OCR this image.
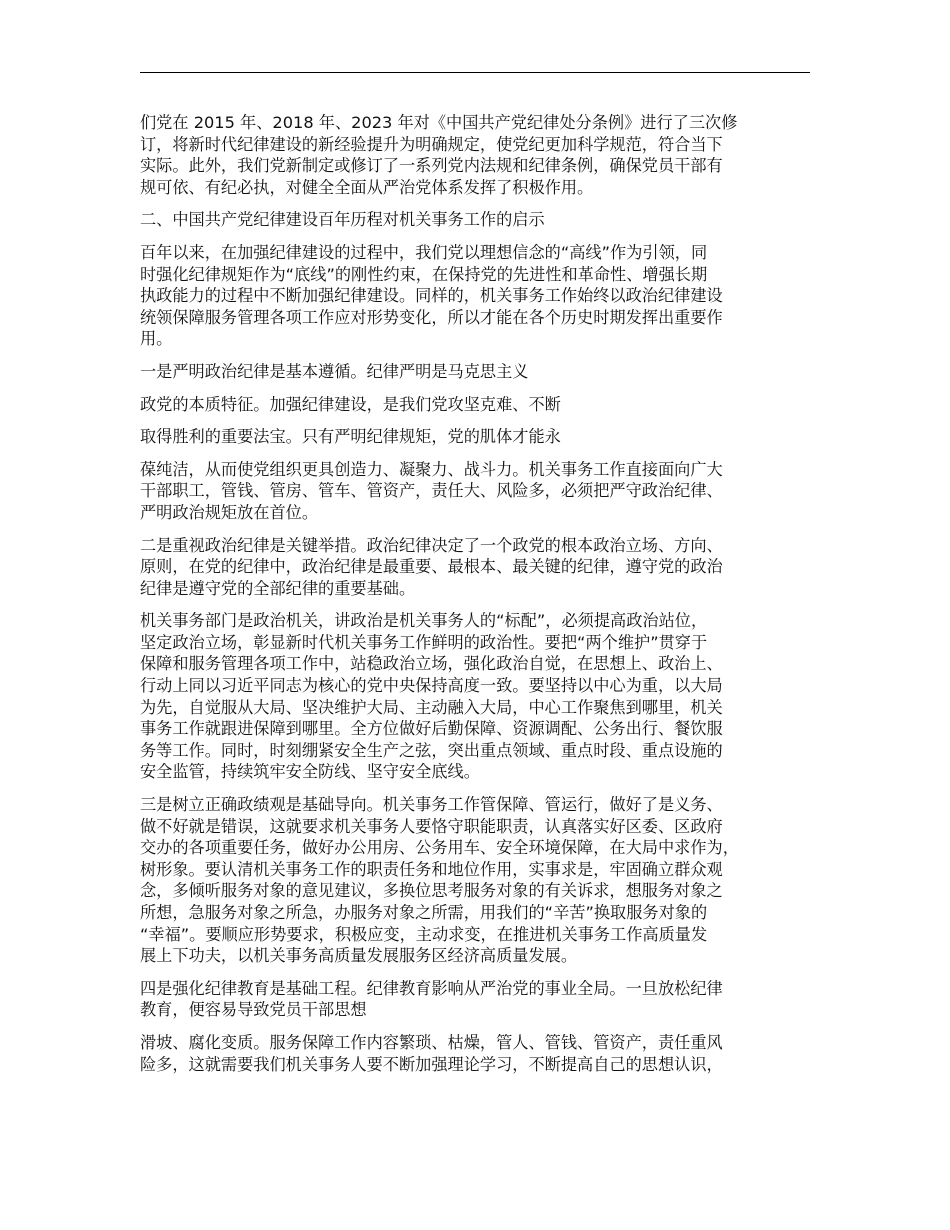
们党在 2015 年、2018 年、2023 年对《中国共产党纪律处分条例》进行了三次修
订，将新时代纪律建设的新经验提升为明确规定，使党纪更加科学规范，符合当下
实际。此外，我们党新制定或修订了一系列党内法规和纪律条例，确保党员干部有
规可依、有纪必执，对健全全面从严治党体系发挥了积极作用。

二、中国共产党纪律建设百年历程对机关事务工作的启示

百年以来，在加强纪律建设的过程中，我们党以理想信念的“高线”作为引领，同
时强化纪律规矩作为“底线”的刚性约束，在保持党的先进性和革命性、增强长期
执政能力的过程中不断加强纪律建设。同样的，机关事务工作始终以政治纪律建设
统领保障服务管理各项工作应对形势变化，所以才能在各个历史时期发挥出重要作
用。

一是严明政治纪律是基本遵循。纪律严明是马克思主义

政党的本质特征。加强纪律建设，是我们党攻坚克难、不断

取得胜利的重要法宝。只有严明纪律规矩，党的肌体才能永

葆纯洁，从而使党组织更具创造力、凝聚力、战斗力。机关事务工作直接面向广大
干部职工，管钱、管房、管车、管资产，责任大、风险多，必须把严守政治纪律、
严明政治规矩放在首位。

二是重视政治纪律是关键举措。政治纪律决定了一个政党的根本政治立场、方向、
原则，在党的纪律中，政治纪律是最重要、最根本、最关键的纪律，遵守党的政治
纪律是遵守党的全部纪律的重要基础。

机关事务部门是政治机关，讲政治是机关事务人的“标配”，必须提高政治站位，
坚定政治立场，彰显新时代机关事务工作鲜明的政治性。要把“两个维护”贯穿于
保障和服务管理各项工作中，站稳政治立场，强化政治自觉，在思想上、政治上、
行动上同以习近平同志为核心的党中央保持高度一致。要坚持以中心为重，以大局
为先，自觉服从大局、坚决维护大局、主动融入大局，中心工作聚焦到哪里，机关
事务工作就跟进保障到哪里。全方位做好后勤保障、资源调配、公务出行、餐饮服
务等工作。同时，时刻绷紧安全生产之弦，突出重点领域、重点时段、重点设施的
安全监管，持续筑牢安全防线、坚守安全底线。

三是树立正确政绩观是基础导向。机关事务工作管保障、管运行，做好了是义务、
做不好就是错误，这就要求机关事务人要恪守职能职责，认真落实好区委、区政府
交办的各项重要任务，做好办公用房、公务用车、安全环境保障，在大局中求作为，
树形象。要认清机关事务工作的职责任务和地位作用，实事求是，牢固确立群众观
念，多倾听服务对象的意见建议，多换位思考服务对象的有关诉求，想服务对象之
所想，急服务对象之所急，办服务对象之所需，用我们的“辛苦”换取服务对象的
“幸福”。要顺应形势要求，积极应变，主动求变，在推进机关事务工作高质量发
展上下功夫，以机关事务高质量发展服务区经济高质量发展。

四是强化纪律教育是基础工程。纪律教育影响从严治党的事业全局。一旦放松纪律
教育，便容易导致党员干部思想

滑坡、腐化变质。服务保障工作内容繁琐、枯燥，管人、管钱、管资产，责任重风
险多，这就需要我们机关事务人要不断加强理论学习，不断提高自己的思想认识，
